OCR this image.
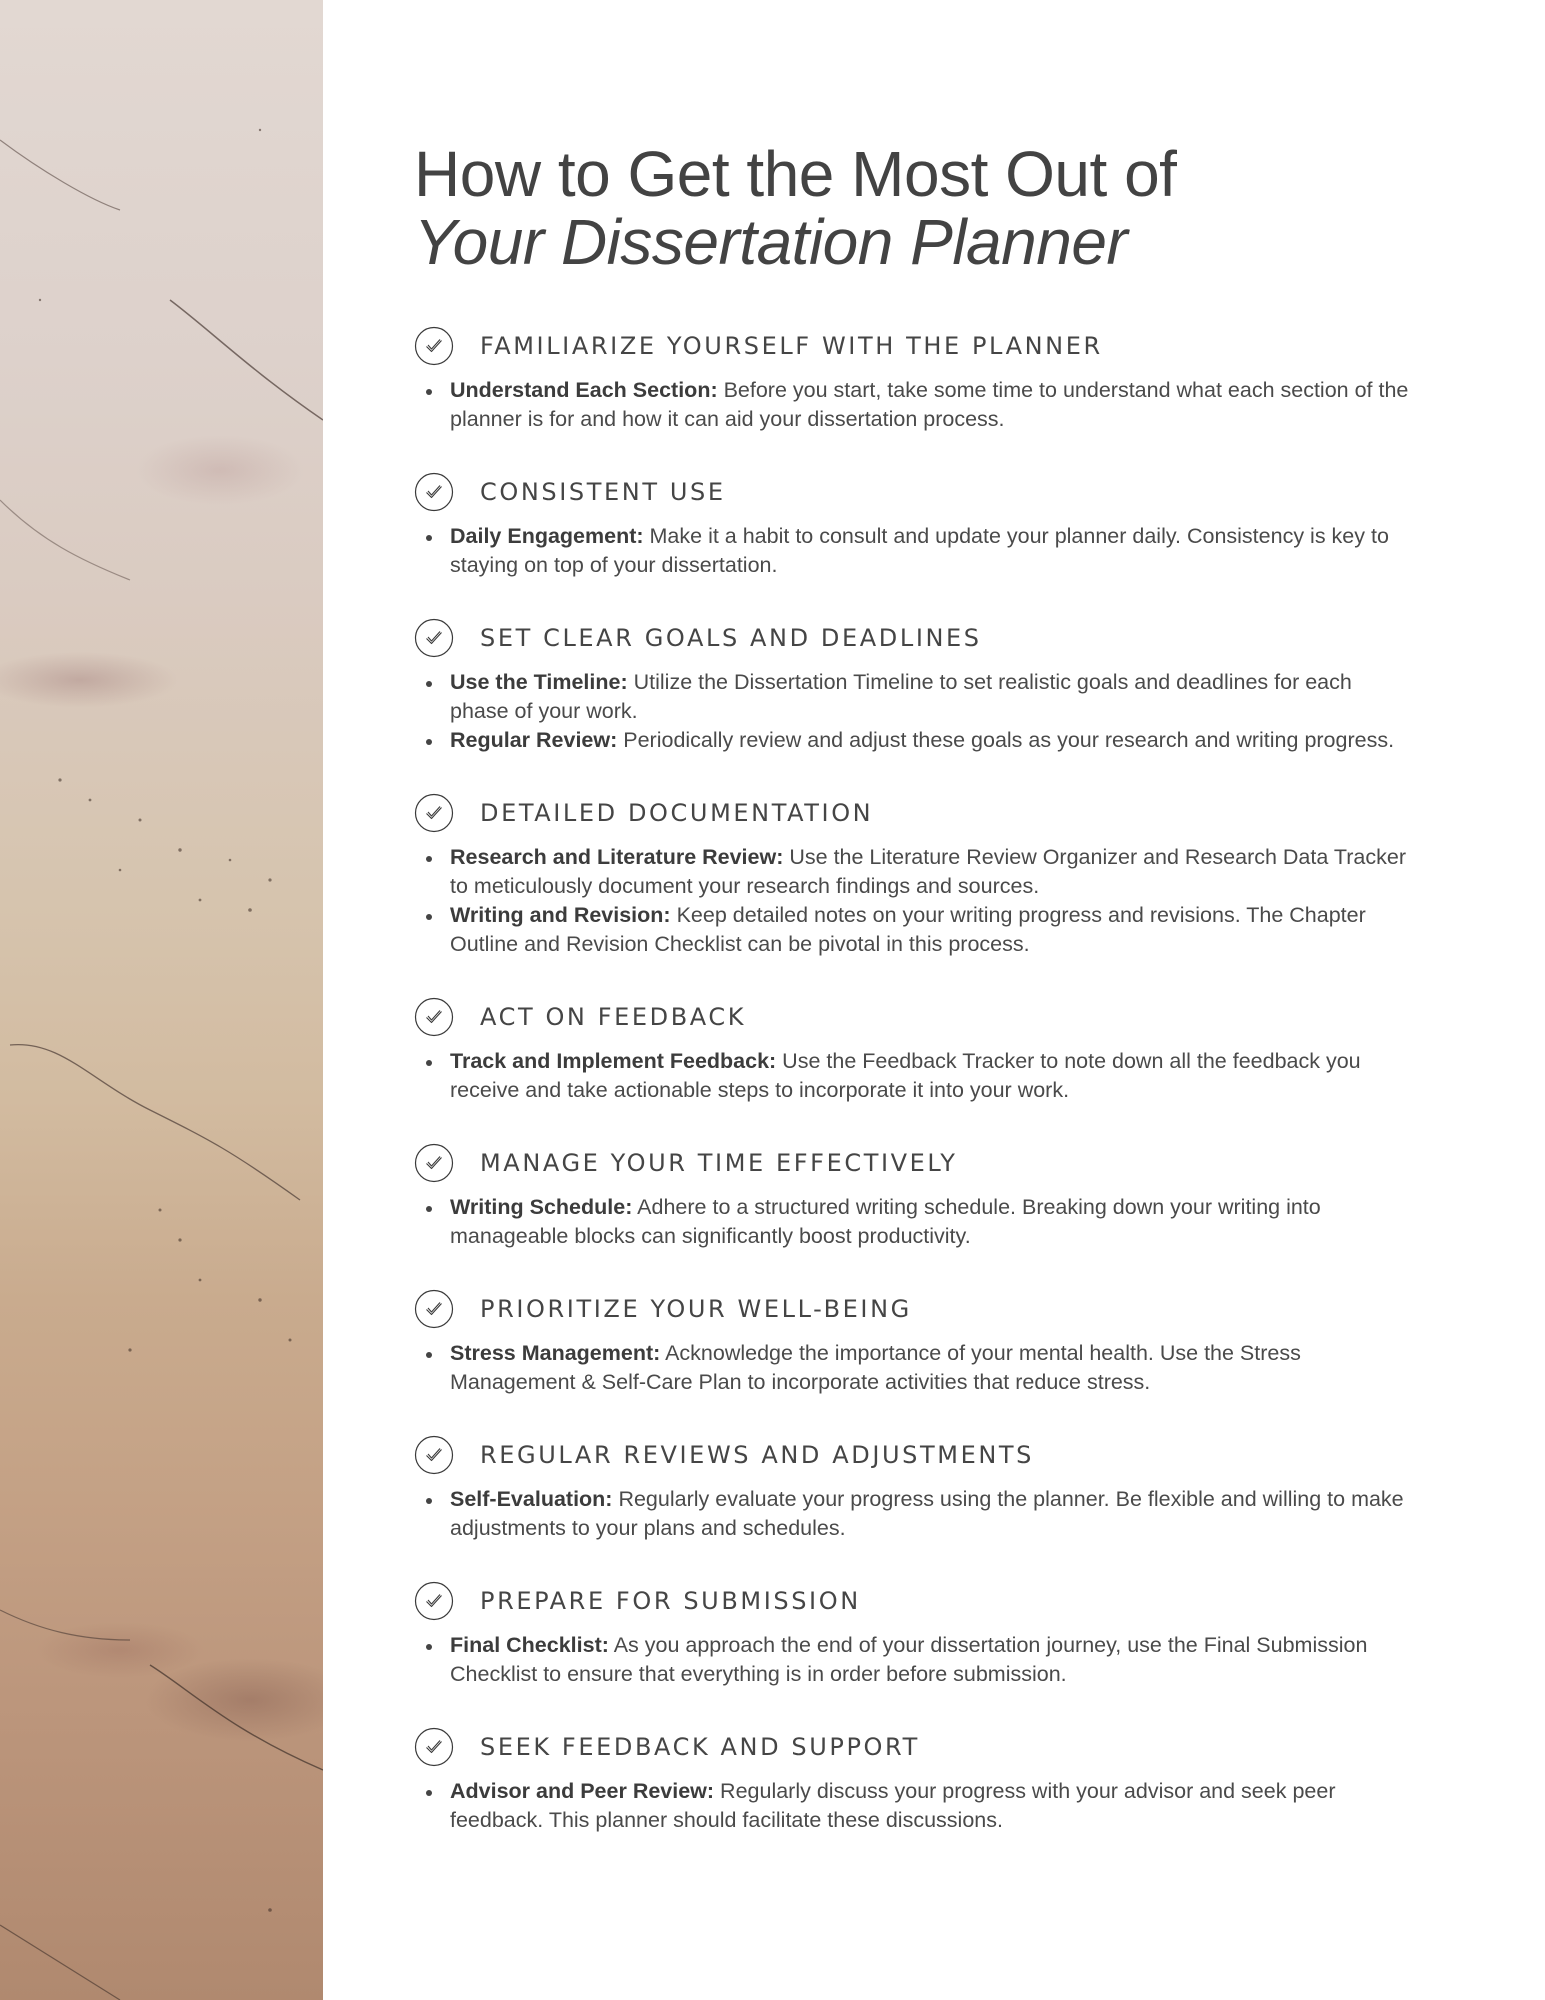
How to Get the Most Out of
Your Dissertation Planner
FAMILIARIZE YOURSELF WITH THE PLANNER
Understand Each Section: Before you start, take some time to understand what each section of the planner is for and how it can aid your dissertation process.
CONSISTENT USE
Daily Engagement: Make it a habit to consult and update your planner daily. Consistency is key to staying on top of your dissertation.
SET CLEAR GOALS AND DEADLINES
Use the Timeline: Utilize the Dissertation Timeline to set realistic goals and deadlines for each phase of your work.
Regular Review: Periodically review and adjust these goals as your research and writing progress.
DETAILED DOCUMENTATION
Research and Literature Review: Use the Literature Review Organizer and Research Data Tracker to meticulously document your research findings and sources.
Writing and Revision: Keep detailed notes on your writing progress and revisions. The Chapter Outline and Revision Checklist can be pivotal in this process.
ACT ON FEEDBACK
Track and Implement Feedback: Use the Feedback Tracker to note down all the feedback you receive and take actionable steps to incorporate it into your work.
MANAGE YOUR TIME EFFECTIVELY
Writing Schedule: Adhere to a structured writing schedule. Breaking down your writing into manageable blocks can significantly boost productivity.
PRIORITIZE YOUR WELL-BEING
Stress Management: Acknowledge the importance of your mental health. Use the Stress Management & Self-Care Plan to incorporate activities that reduce stress.
REGULAR REVIEWS AND ADJUSTMENTS
Self-Evaluation: Regularly evaluate your progress using the planner. Be flexible and willing to make adjustments to your plans and schedules.
PREPARE FOR SUBMISSION
Final Checklist: As you approach the end of your dissertation journey, use the Final Submission Checklist to ensure that everything is in order before submission.
SEEK FEEDBACK AND SUPPORT
Advisor and Peer Review: Regularly discuss your progress with your advisor and seek peer feedback. This planner should facilitate these discussions.
